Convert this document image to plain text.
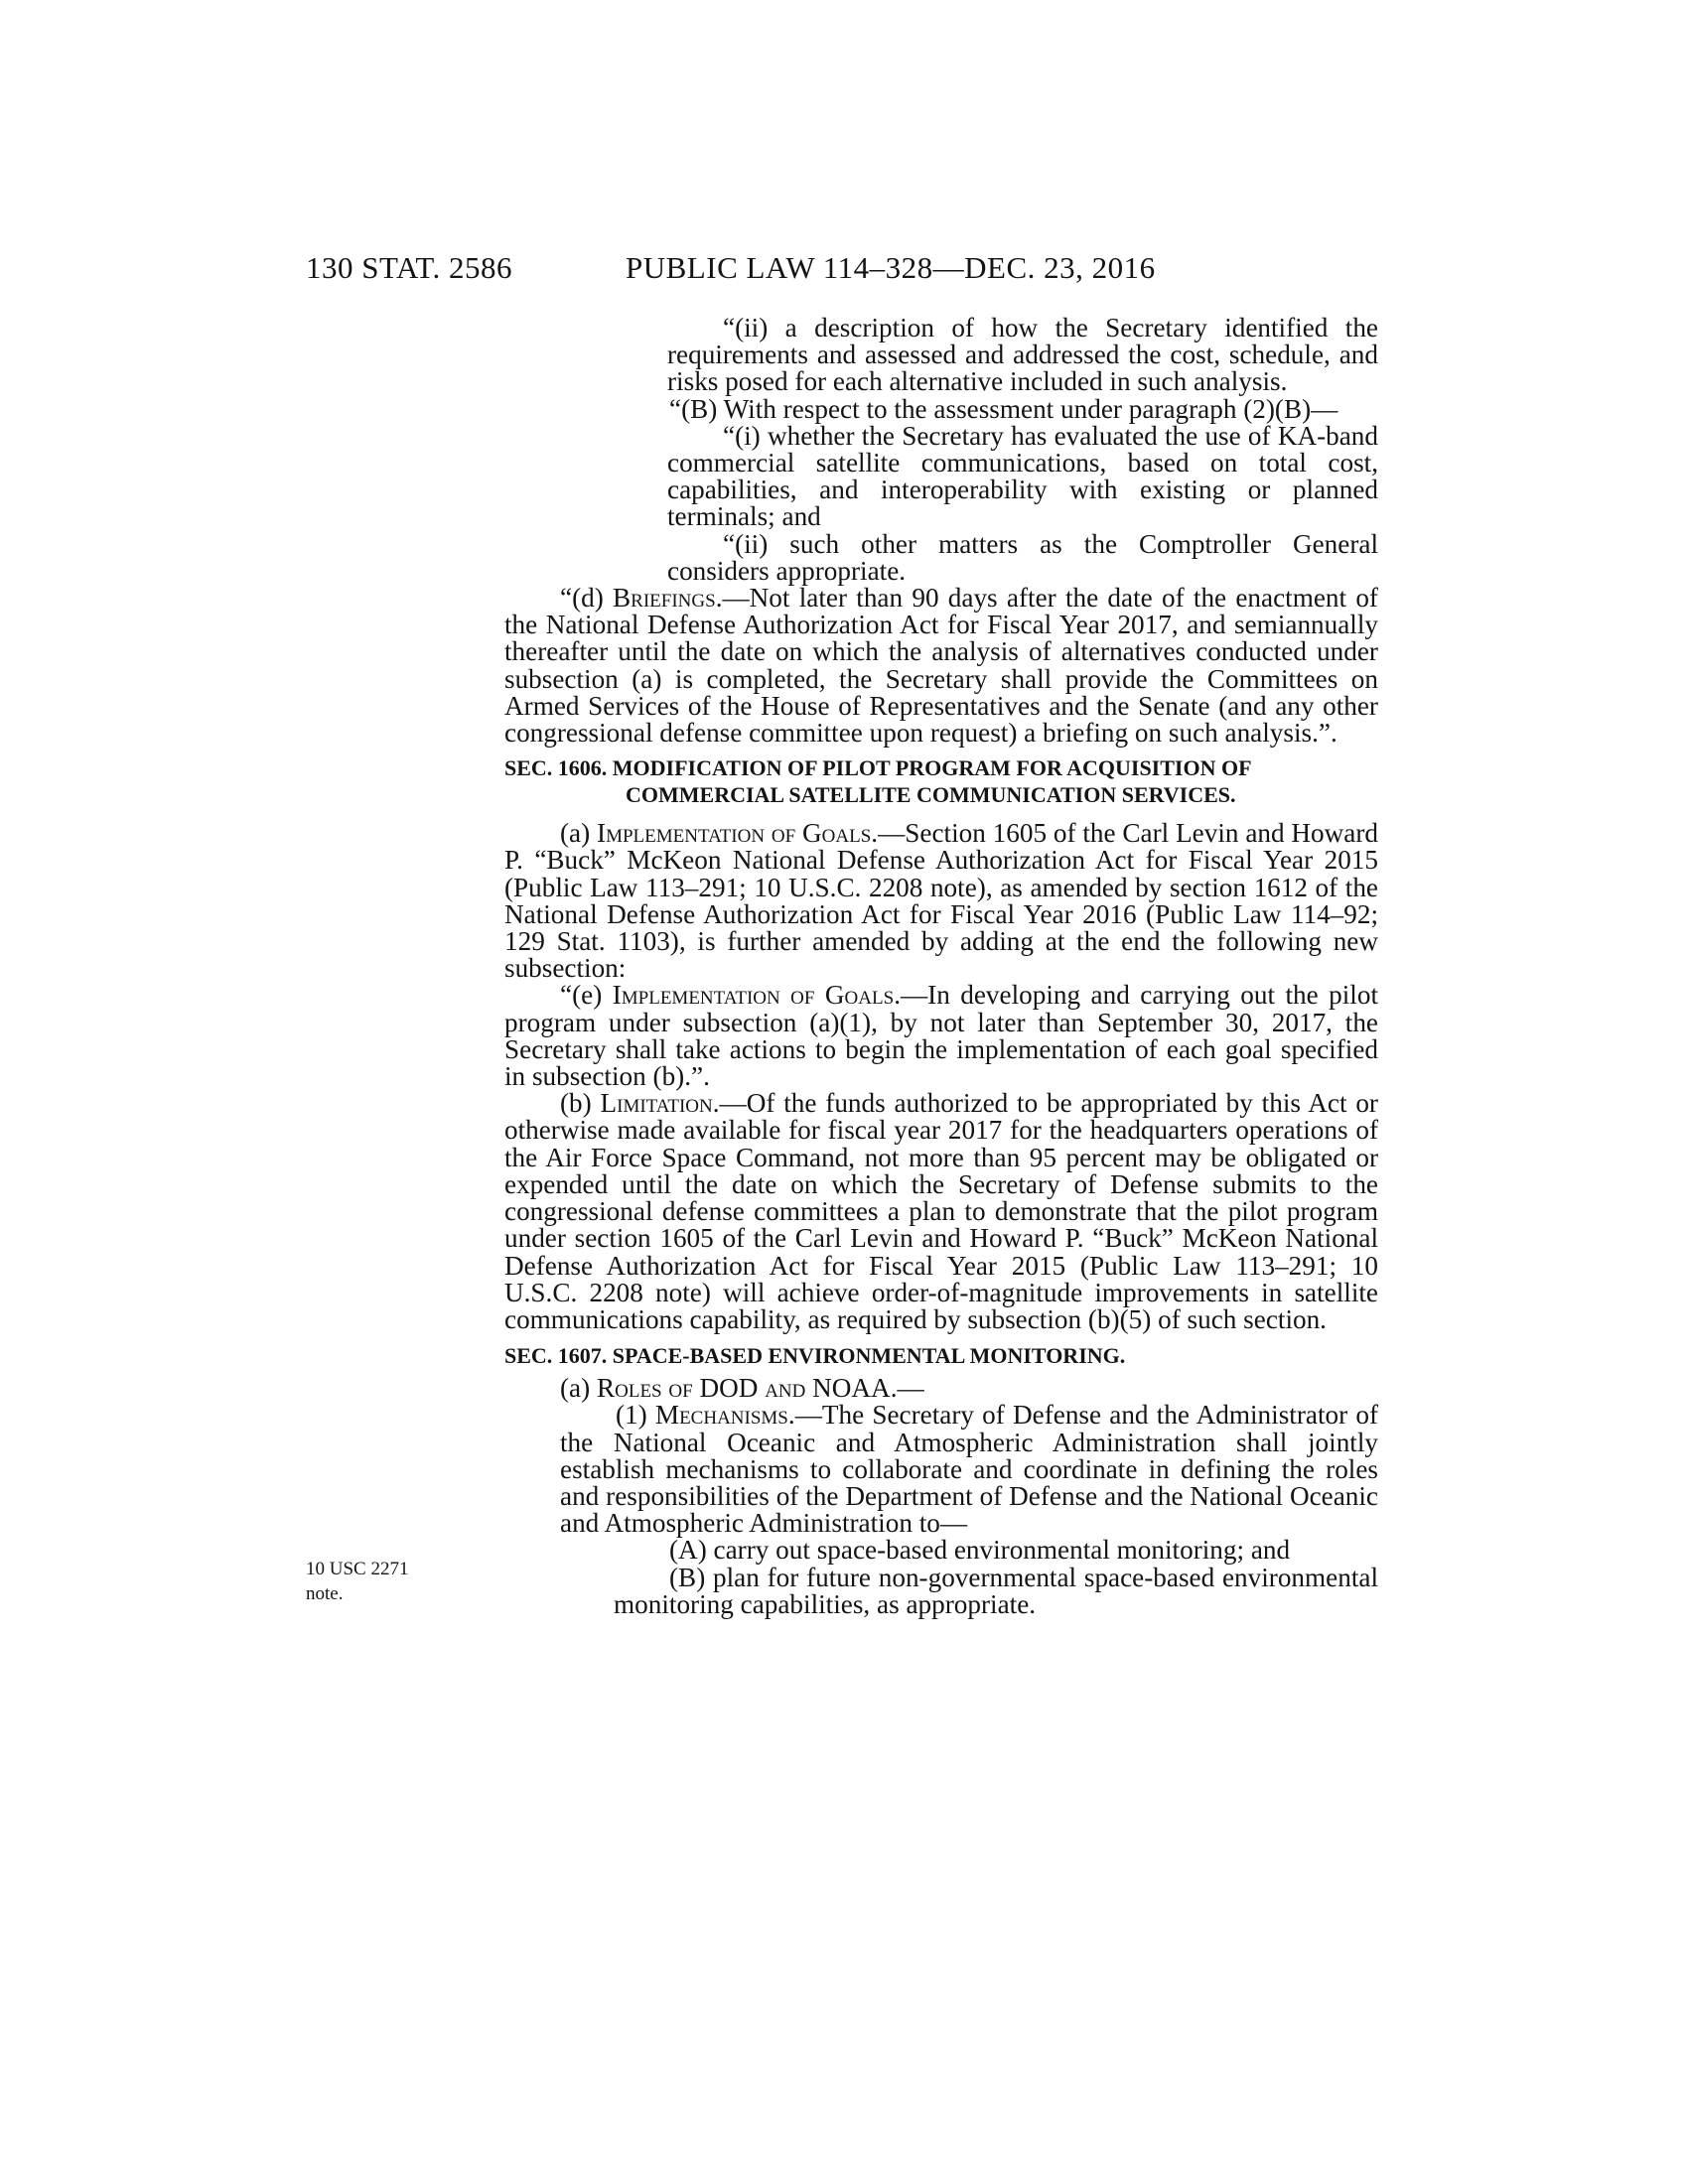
130 STAT. 2586	PUBLIC LAW 114–328—DEC. 23, 2016
10 USC 2271
note.

“(ii) a description of how the Secretary identified the requirements and assessed and addressed the cost, schedule, and risks posed for each alternative included in such analysis.

“(B) With respect to the assessment under paragraph (2)(B)—

“(i) whether the Secretary has evaluated the use of KA-band commercial satellite communications, based on total cost, capabilities, and interoperability with existing or planned terminals; and

“(ii) such other matters as the Comptroller General considers appropriate.

“(d) Briefings.—Not later than 90 days after the date of the enactment of the National Defense Authorization Act for Fiscal Year 2017, and semiannually thereafter until the date on which the analysis of alternatives conducted under subsection (a) is completed, the Secretary shall provide the Committees on Armed Services of the House of Representatives and the Senate (and any other congressional defense committee upon request) a briefing on such analysis.”.

SEC. 1606. MODIFICATION OF PILOT PROGRAM FOR ACQUISITION OF
COMMERCIAL SATELLITE COMMUNICATION SERVICES.

(a) Implementation of Goals.—Section 1605 of the Carl Levin and Howard P. “Buck” McKeon National Defense Authorization Act for Fiscal Year 2015 (Public Law 113–291; 10 U.S.C. 2208 note), as amended by section 1612 of the National Defense Authorization Act for Fiscal Year 2016 (Public Law 114–92; 129 Stat. 1103), is further amended by adding at the end the following new subsection:

“(e) Implementation of Goals.—In developing and carrying out the pilot program under subsection (a)(1), by not later than September 30, 2017, the Secretary shall take actions to begin the implementation of each goal specified in subsection (b).”.

(b) Limitation.—Of the funds authorized to be appropriated by this Act or otherwise made available for fiscal year 2017 for the headquarters operations of the Air Force Space Command, not more than 95 percent may be obligated or expended until the date on which the Secretary of Defense submits to the congressional defense committees a plan to demonstrate that the pilot program under section 1605 of the Carl Levin and Howard P. “Buck” McKeon National Defense Authorization Act for Fiscal Year 2015 (Public Law 113–291; 10 U.S.C. 2208 note) will achieve order-of-magnitude improvements in satellite communications capability, as required by subsection (b)(5) of such section.

SEC. 1607. SPACE-BASED ENVIRONMENTAL MONITORING.

(a) Roles of DOD and NOAA.—

(1) Mechanisms.—The Secretary of Defense and the Administrator of the National Oceanic and Atmospheric Administration shall jointly establish mechanisms to collaborate and coordinate in defining the roles and responsibilities of the Department of Defense and the National Oceanic and Atmospheric Administration to—

(A) carry out space-based environmental monitoring; and

(B) plan for future non-governmental space-based environmental monitoring capabilities, as appropriate.
